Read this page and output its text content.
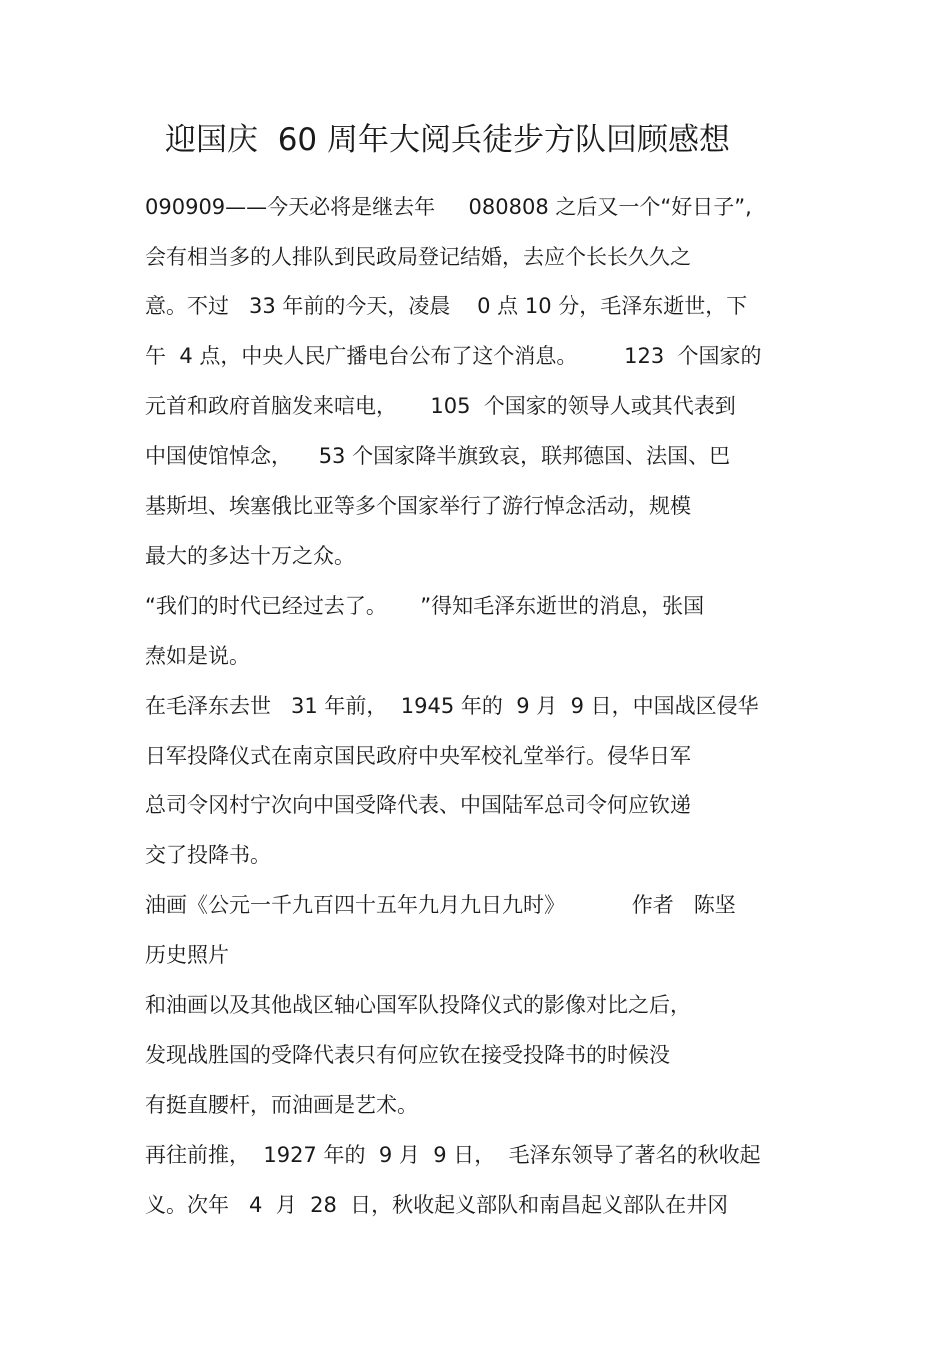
迎国庆  60 周年大阅兵徒步方队回顾感想
090909——今天必将是继去年     080808 之后又一个“好日子”,
会有相当多的人排队到民政局登记结婚，去应个长长久久之
意。不过   33 年前的今天，凌晨    0 点 10 分，毛泽东逝世，下
午  4 点，中央人民广播电台公布了这个消息。       123  个国家的
元首和政府首脑发来唁电，     105  个国家的领导人或其代表到
中国使馆悼念，    53 个国家降半旗致哀，联邦德国、法国、巴
基斯坦、埃塞俄比亚等多个国家举行了游行悼念活动，规模
最大的多达十万之众。
“我们的时代已经过去了。     ”得知毛泽东逝世的消息，张国
焘如是说。
在毛泽东去世   31 年前，  1945 年的  9 月  9 日，中国战区侵华
日军投降仪式在南京国民政府中央军校礼堂举行。侵华日军
总司令冈村宁次向中国受降代表、中国陆军总司令何应钦递
交了投降书。
油画《公元一千九百四十五年九月九日九时》          作者   陈坚
历史照片
和油画以及其他战区轴心国军队投降仪式的影像对比之后，
发现战胜国的受降代表只有何应钦在接受投降书的时候没
有挺直腰杆，而油画是艺术。
再往前推，  1927 年的  9 月  9 日，  毛泽东领导了著名的秋收起
义。次年   4  月  28  日，秋收起义部队和南昌起义部队在井冈
